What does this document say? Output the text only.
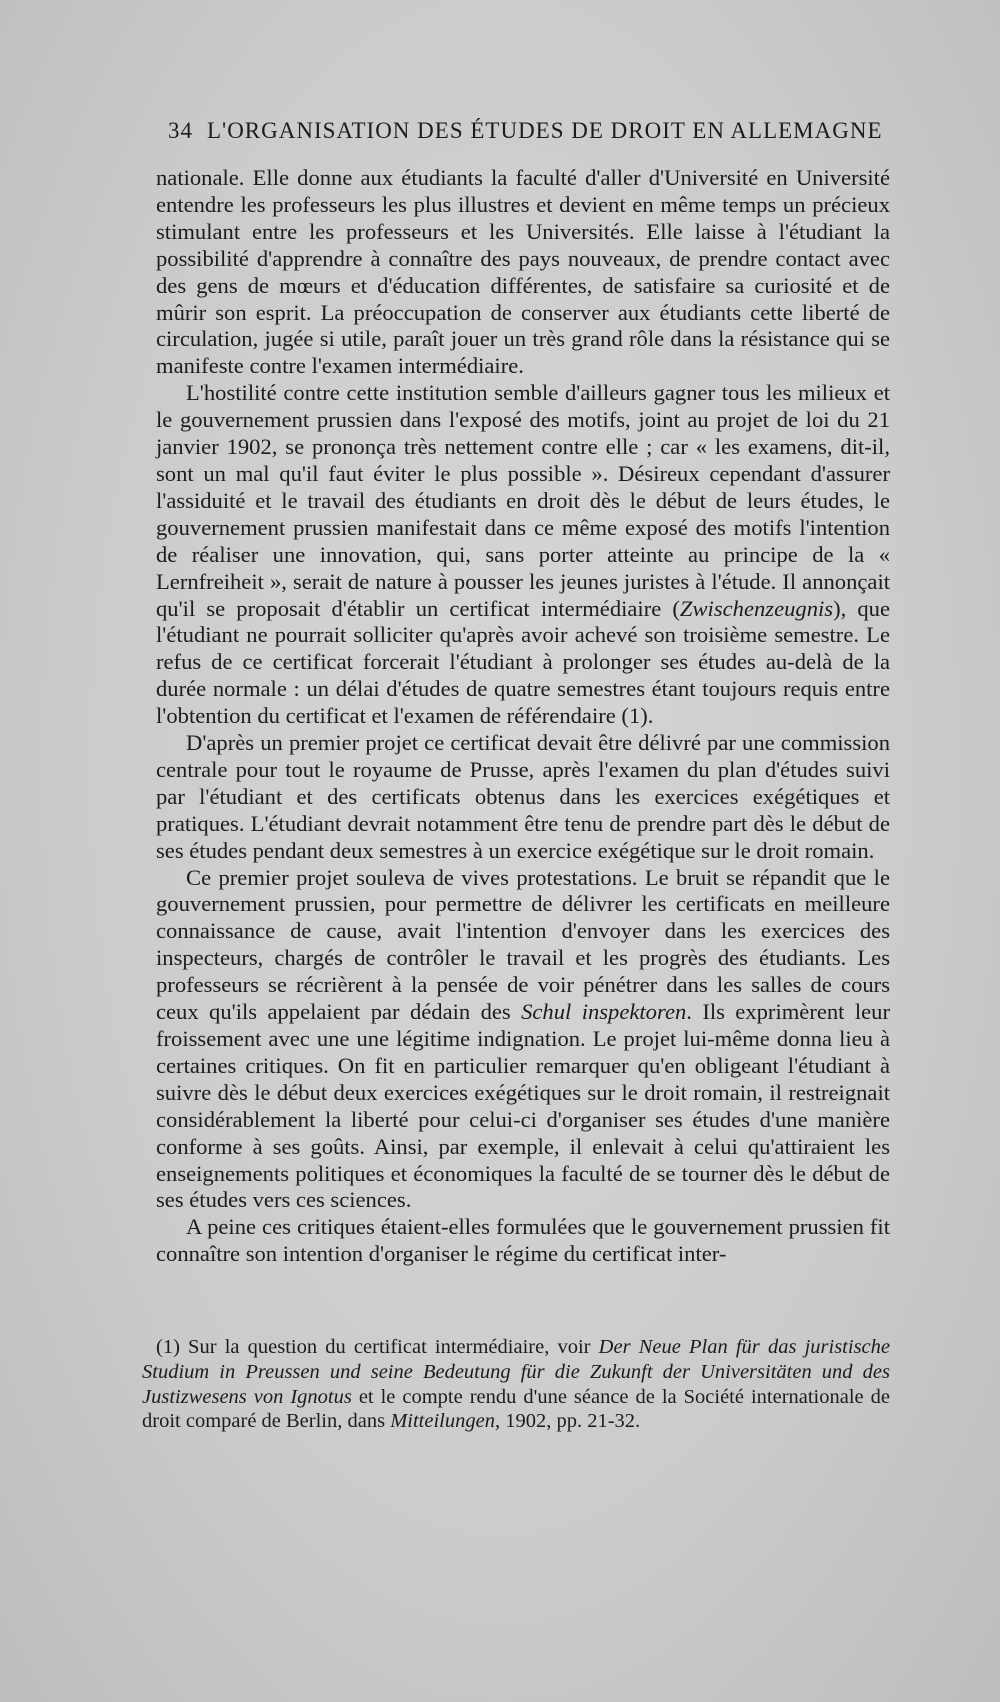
34 L'ORGANISATION DES ÉTUDES DE DROIT EN ALLEMAGNE

nationale. Elle donne aux étudiants la faculté d'aller d'Université en Université entendre les professeurs les plus illustres et devient en même temps un précieux stimulant entre les professeurs et les Universités. Elle laisse à l'étudiant la possibilité d'apprendre à connaître des pays nouveaux, de prendre contact avec des gens de mœurs et d'éducation différentes, de satisfaire sa curiosité et de mûrir son esprit. La préoccupation de conserver aux étudiants cette liberté de circulation, jugée si utile, paraît jouer un très grand rôle dans la résistance qui se manifeste contre l'examen intermédiaire.

L'hostilité contre cette institution semble d'ailleurs gagner tous les milieux et le gouvernement prussien dans l'exposé des motifs, joint au projet de loi du 21 janvier 1902, se prononça très nettement contre elle ; car « les examens, dit-il, sont un mal qu'il faut éviter le plus possible ». Désireux cependant d'assurer l'assiduité et le travail des étudiants en droit dès le début de leurs études, le gouvernement prussien manifestait dans ce même exposé des motifs l'intention de réaliser une innovation, qui, sans porter atteinte au principe de la « Lernfreiheit », serait de nature à pousser les jeunes juristes à l'étude. Il annonçait qu'il se proposait d'établir un certificat intermédiaire (Zwischenzeugnis), que l'étudiant ne pourrait solliciter qu'après avoir achevé son troisième semestre. Le refus de ce certificat forcerait l'étudiant à prolonger ses études au-delà de la durée normale : un délai d'études de quatre semestres étant toujours requis entre l'obtention du certificat et l'examen de référendaire (1).

D'après un premier projet ce certificat devait être délivré par une commission centrale pour tout le royaume de Prusse, après l'examen du plan d'études suivi par l'étudiant et des certificats obtenus dans les exercices exégétiques et pratiques. L'étudiant devrait notamment être tenu de prendre part dès le début de ses études pendant deux semestres à un exercice exégétique sur le droit romain.

Ce premier projet souleva de vives protestations. Le bruit se répandit que le gouvernement prussien, pour permettre de délivrer les certificats en meilleure connaissance de cause, avait l'intention d'envoyer dans les exercices des inspecteurs, chargés de contrôler le travail et les progrès des étudiants. Les professeurs se récrièrent à la pensée de voir pénétrer dans les salles de cours ceux qu'ils appelaient par dédain des Schul inspektoren. Ils exprimèrent leur froissement avec une une légitime indignation. Le projet lui-même donna lieu à certaines critiques. On fit en particulier remarquer qu'en obligeant l'étudiant à suivre dès le début deux exercices exégétiques sur le droit romain, il restreignait considérablement la liberté pour celui-ci d'organiser ses études d'une manière conforme à ses goûts. Ainsi, par exemple, il enlevait à celui qu'attiraient les enseignements politiques et économiques la faculté de se tourner dès le début de ses études vers ces sciences.

A peine ces critiques étaient-elles formulées que le gouvernement prussien fit connaître son intention d'organiser le régime du certificat inter-

(1) Sur la question du certificat intermédiaire, voir Der Neue Plan für das juristische Studium in Preussen und seine Bedeutung für die Zukunft der Universitäten und des Justizwesens von Ignotus et le compte rendu d'une séance de la Société internationale de droit comparé de Berlin, dans Mitteilungen, 1902, pp. 21-32.
